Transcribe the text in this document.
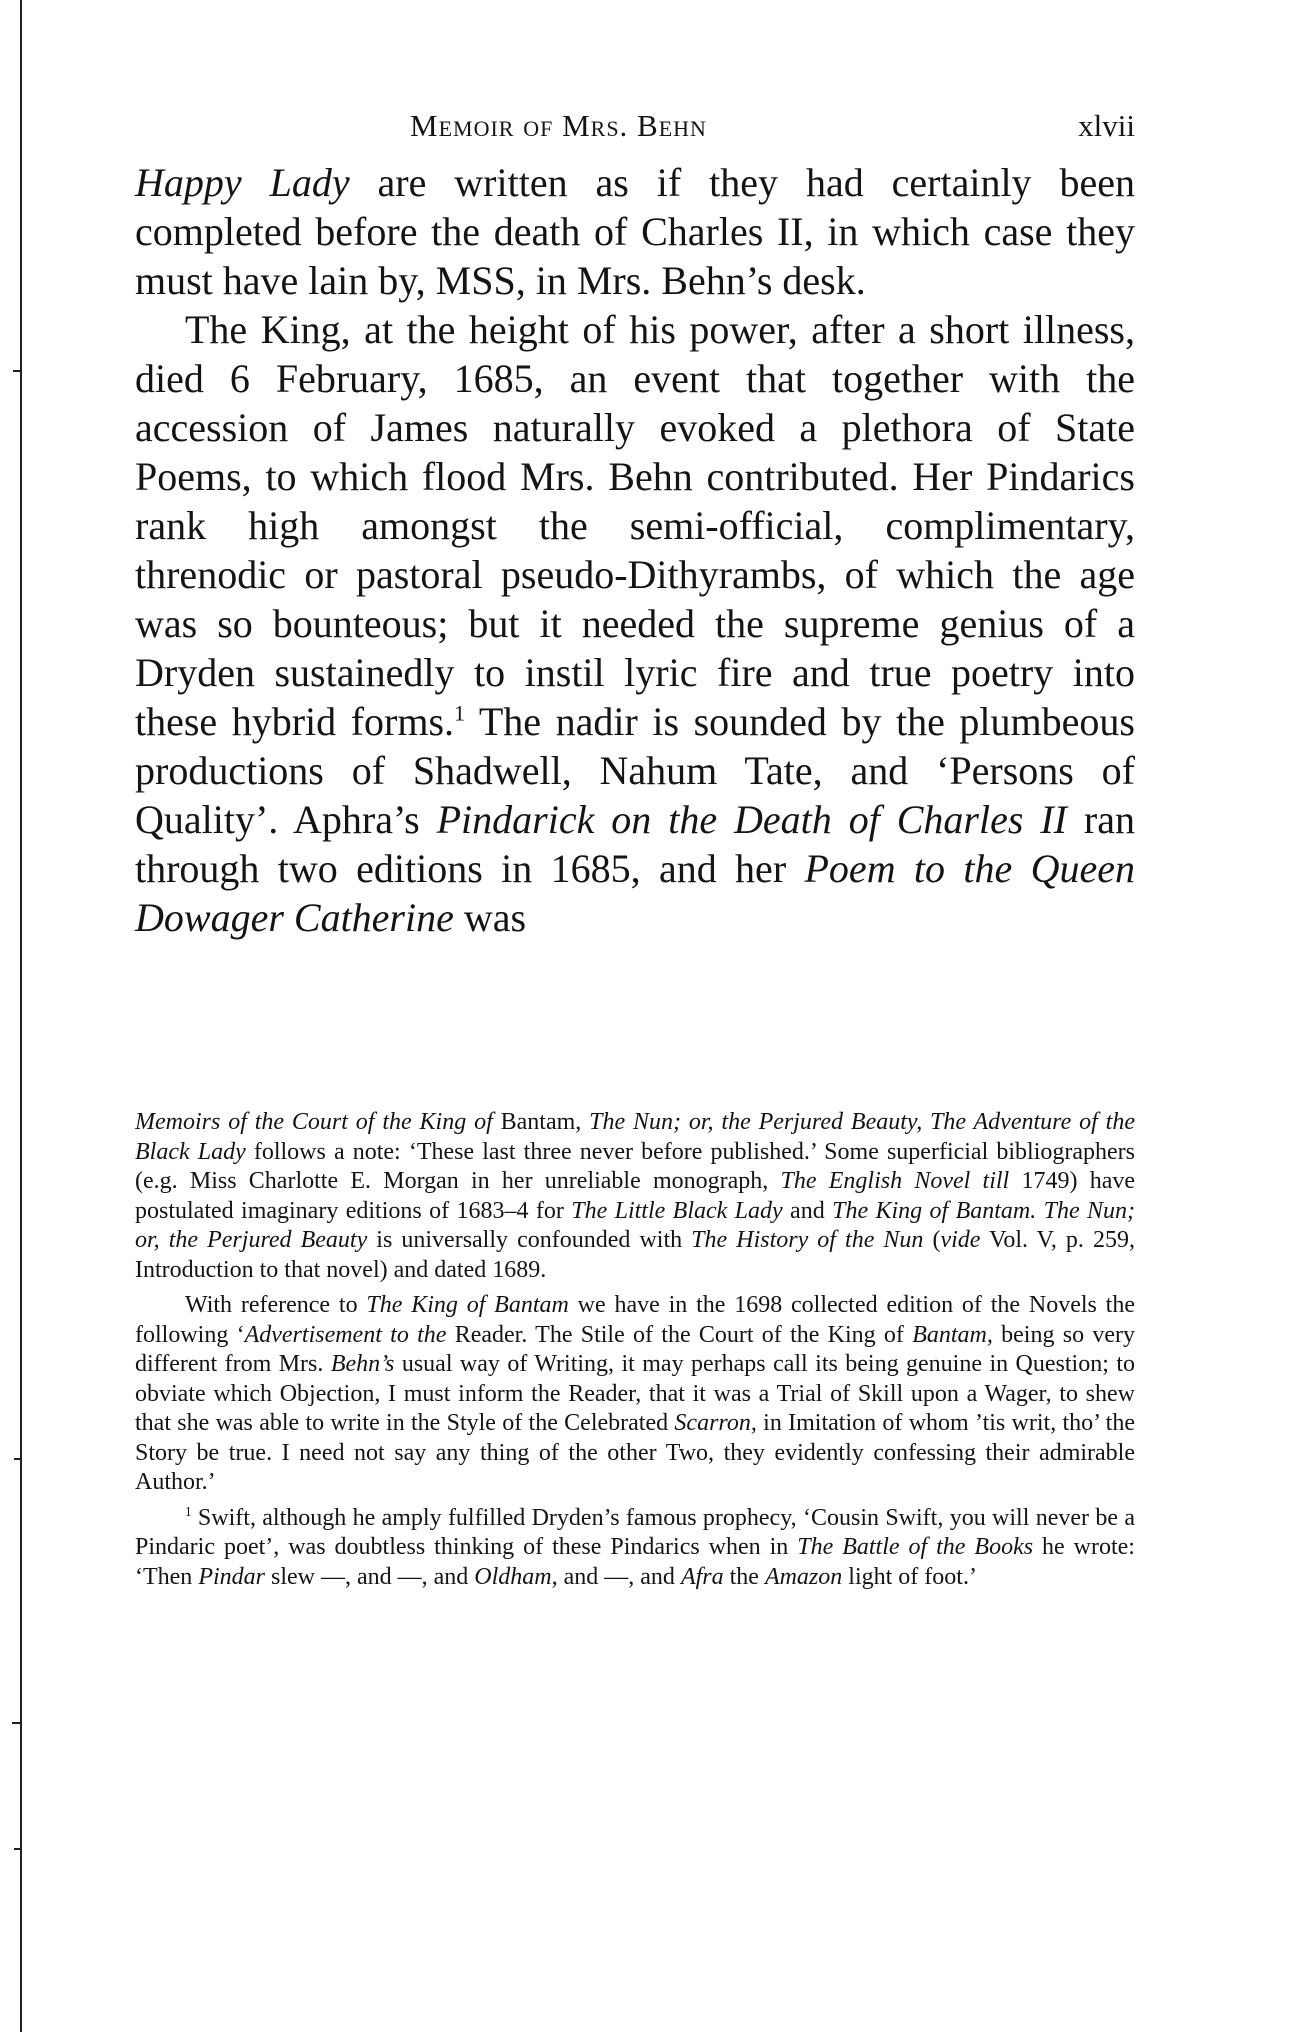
Memoir of Mrs. Behn	xlvii

Happy Lady are written as if they had certainly been completed before the death of Charles II, in which case they must have lain by, MSS, in Mrs. Behn’s desk.

The King, at the height of his power, after a short illness, died 6 February, 1685, an event that together with the accession of James naturally evoked a plethora of State Poems, to which flood Mrs. Behn contributed. Her Pindarics rank high amongst the semi-official, complimentary, threnodic or pastoral pseudo-Dithyrambs, of which the age was so bounteous; but it needed the supreme genius of a Dryden sustainedly to instil lyric fire and true poetry into these hybrid forms.$^1$ The nadir is sounded by the plumbeous productions of Shadwell, Nahum Tate, and ‘Persons of Quality’. Aphra’s Pindarick on the Death of Charles II ran through two editions in 1685, and her Poem to the Queen Dowager Catherine was

Memoirs of the Court of the King of Bantam, The Nun; or, the Perjured Beauty, The Adventure of the Black Lady follows a note: ‘These last three never before published.’ Some superficial bibliographers (e.g. Miss Charlotte E. Morgan in her unreliable monograph, The English Novel till 1749) have postulated imaginary editions of 1683–4 for The Little Black Lady and The King of Bantam. The Nun; or, the Perjured Beauty is universally confounded with The History of the Nun (vide Vol. V, p. 259, Introduction to that novel) and dated 1689.

With reference to The King of Bantam we have in the 1698 collected edition of the Novels the following ‘Advertisement to the Reader. The Stile of the Court of the King of Bantam, being so very different from Mrs. Behn’s usual way of Writing, it may perhaps call its being genuine in Question; to obviate which Objection, I must inform the Reader, that it was a Trial of Skill upon a Wager, to shew that she was able to write in the Style of the Celebrated Scarron, in Imitation of whom ’tis writ, tho’ the Story be true. I need not say any thing of the other Two, they evidently confessing their admirable Author.’

$^1$ Swift, although he amply fulfilled Dryden’s famous prophecy, ‘Cousin Swift, you will never be a Pindaric poet’, was doubtless thinking of these Pindarics when in The Battle of the Books he wrote: ‘Then Pindar slew —, and —, and Oldham, and —, and Afra the Amazon light of foot.’
